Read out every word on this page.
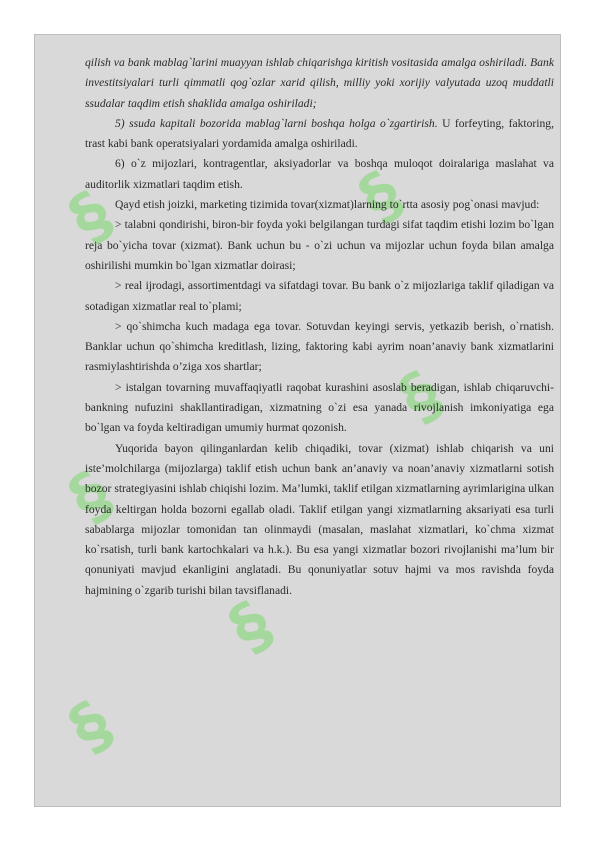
§	§
§
§
§
§

qilish va bank mablag`larini muayyan ishlab chiqarishga kiritish vositasida amalga oshiriladi. Bank investitsiyalari turli qimmatli qog`ozlar xarid qilish, milliy yoki xorijiy valyutada uzoq muddatli ssudalar taqdim etish shaklida amalga oshiriladi;

5) ssuda kapitali bozorida mablag`larni boshqa holga o`zgartirish. U forfeyting, faktoring, trast kabi bank operatsiyalari yordamida amalga oshiriladi.

6) o`z mijozlari, kontragentlar, aksiyadorlar va boshqa muloqot doiralariga maslahat va auditorlik xizmatlari taqdim etish.

Qayd etish joizki, marketing tizimida tovar(xizmat)larning to`rtta asosiy pog`onasi mavjud:

> talabni qondirishi, biron-bir foyda yoki belgilangan turdagi sifat taqdim etishi lozim bo`lgan reja bo`yicha tovar (xizmat). Bank uchun bu - o`zi uchun va mijozlar uchun foyda bilan amalga oshirilishi mumkin bo`lgan xizmatlar doirasi;

> real ijrodagi, assortimentdagi va sifatdagi tovar. Bu bank o`z mijozlariga taklif qiladigan va sotadigan xizmatlar real to`plami;

> qo`shimcha kuch madaga ega tovar. Sotuvdan keyingi servis, yetkazib berish, o`rnatish. Banklar uchun qo`shimcha kreditlash, lizing, faktoring kabi ayrim noan’anaviy bank xizmatlarini rasmiylashtirishda o’ziga xos shartlar;

> istalgan tovarning muvaffaqiyatli raqobat kurashini asoslab beradigan, ishlab chiqaruvchi-bankning nufuzini shakllantiradigan, xizmatning o`zi esa yanada rivojlanish imkoniyatiga ega bo`lgan va foyda keltiradigan umumiy hurmat qozonish.

Yuqorida bayon qilinganlardan kelib chiqadiki, tovar (xizmat) ishlab chiqarish va uni iste’molchilarga (mijozlarga) taklif etish uchun bank an’anaviy va noan’anaviy xizmatlarni sotish bozor strategiyasini ishlab chiqishi lozim. Ma’lumki, taklif etilgan xizmatlarning ayrimlarigina ulkan foyda keltirgan holda bozorni egallab oladi. Taklif etilgan yangi xizmatlarning aksariyati esa turli sabablarga mijozlar tomonidan tan olinmaydi (masalan, maslahat xizmatlari, ko`chma xizmat ko`rsatish, turli bank kartochkalari va h.k.). Bu esa yangi xizmatlar bozori rivojlanishi ma’lum bir qonuniyati mavjud ekanligini anglatadi. Bu qonuniyatlar sotuv hajmi va mos ravishda foyda hajmining o`zgarib turishi bilan tavsiflanadi.
